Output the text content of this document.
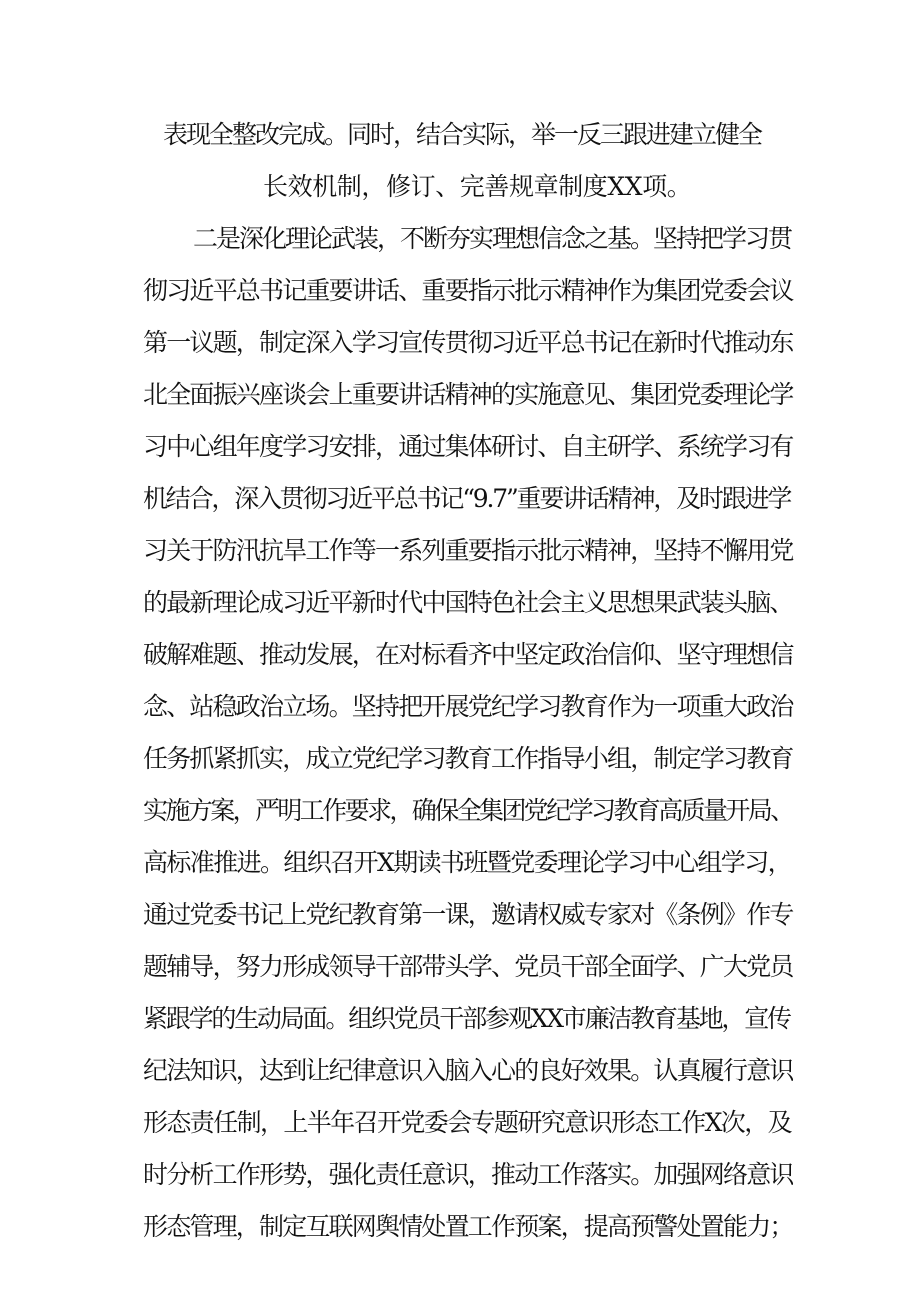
表现全整改完成。同时，结合实际，举一反三跟进建立健全
长效机制，修订、完善规章制度XX项。
二是深化理论武装，不断夯实理想信念之基。坚持把学习贯
彻习近平总书记重要讲话、重要指示批示精神作为集团党委会议
第一议题，制定深入学习宣传贯彻习近平总书记在新时代推动东
北全面振兴座谈会上重要讲话精神的实施意见、集团党委理论学
习中心组年度学习安排，通过集体研讨、自主研学、系统学习有
机结合，深入贯彻习近平总书记“9.7”重要讲话精神，及时跟进学
习关于防汛抗旱工作等一系列重要指示批示精神，坚持不懈用党
的最新理论成习近平新时代中国特色社会主义思想果武装头脑、
破解难题、推动发展，在对标看齐中坚定政治信仰、坚守理想信
念、站稳政治立场。坚持把开展党纪学习教育作为一项重大政治
任务抓紧抓实，成立党纪学习教育工作指导小组，制定学习教育
实施方案，严明工作要求，确保全集团党纪学习教育高质量开局、
高标准推进。组织召开X期读书班暨党委理论学习中心组学习，
通过党委书记上党纪教育第一课，邀请权威专家对《条例》作专
题辅导，努力形成领导干部带头学、党员干部全面学、广大党员
紧跟学的生动局面。组织党员干部参观XX市廉洁教育基地，宣传
纪法知识，达到让纪律意识入脑入心的良好效果。认真履行意识
形态责任制，上半年召开党委会专题研究意识形态工作X次，及
时分析工作形势，强化责任意识，推动工作落实。加强网络意识
形态管理，制定互联网舆情处置工作预案，提高预警处置能力；
